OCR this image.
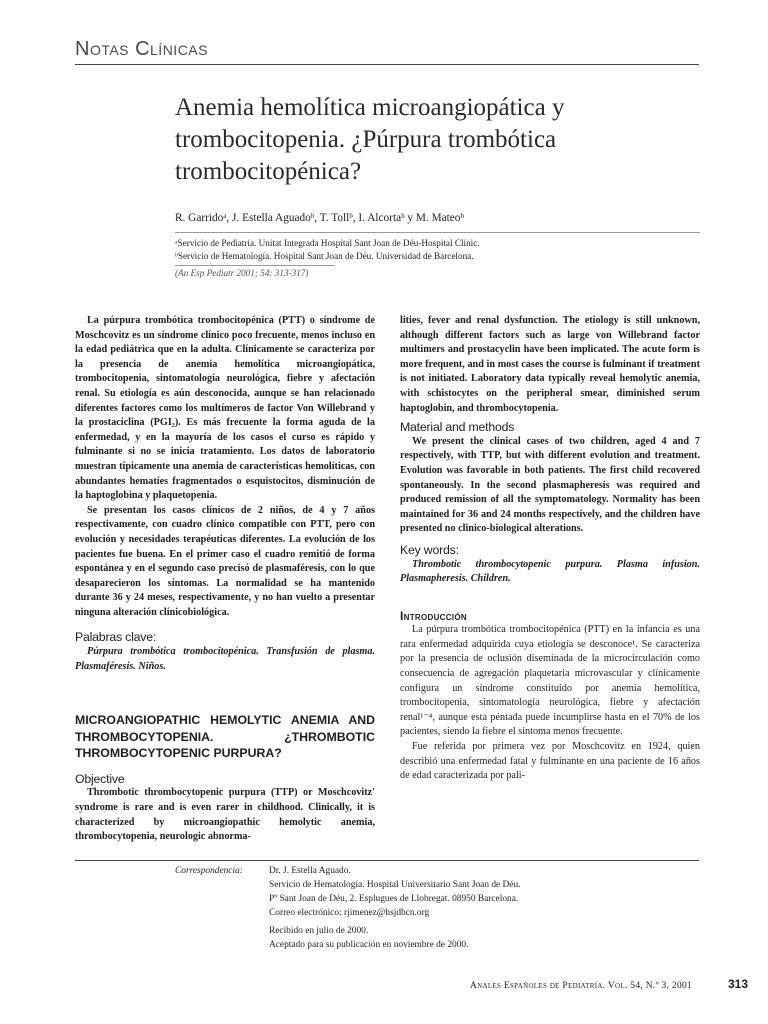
Notas Clínicas
Anemia hemolítica microangiopática y trombocitopenia. ¿Púrpura trombótica trombocitopénica?
R. Garridoᵃ, J. Estella Aguadoᵇ, T. Tollᵇ, I. Alcortaᵇ y M. Mateoᵇ
ᵃServicio de Pediatría. Unitat Integrada Hospital Sant Joan de Déu-Hospital Clínic.
ᵇServicio de Hematología. Hospital Sant Joan de Déu. Universidad de Barcelona.
(An Esp Pediatr 2001; 54: 313-317)

La púrpura trombótica trombocitopénica (PTT) o síndrome de Moschcovitz es un síndrome clínico poco frecuente, menos incluso en la edad pediátrica que en la adulta. Clínicamente se caracteriza por la presencia de anemia hemolítica microangiopática, trombocitopenia, sintomatología neurológica, fiebre y afectación renal. Su etiología es aún desconocida, aunque se han relacionado diferentes factores como los multímeros de factor Von Willebrand y la prostaciclina (PGI₂). Es más frecuente la forma aguda de la enfermedad, y en la mayoría de los casos el curso es rápido y fulminante si no se inicia tratamiento. Los datos de laboratorio muestran típicamente una anemia de características hemolíticas, con abundantes hematíes fragmentados o esquistocitos, disminución de la haptoglobina y plaquetopenia.

Se presentan los casos clínicos de 2 niños, de 4 y 7 años respectivamente, con cuadro clínico compatible con PTT, pero con evolución y necesidades terapéuticas diferentes. La evolución de los pacientes fue buena. En el primer caso el cuadro remitió de forma espontánea y en el segundo caso precisó de plasmaféresis, con lo que desaparecieron los síntomas. La normalidad se ha mantenido durante 36 y 24 meses, respectivamente, y no han vuelto a presentar ninguna alteración clínicobiológica.

Palabras clave:

Púrpura trombótica trombocitopénica. Transfusión de plasma. Plasmaféresis. Niños.

MICROANGIOPATHIC HEMOLYTIC ANEMIA AND THROMBOCYTOPENIA. ¿THROMBOTIC THROMBOCYTOPENIC PURPURA?
Objective

Thrombotic thrombocytopenic purpura (TTP) or Moschcovitz' syndrome is rare and is even rarer in childhood. Clinically, it is characterized by microangiopathic hemolytic anemia, thrombocytopenia, neurologic abnorma-

lities, fever and renal dysfunction. The etiology is still unknown, although different factors such as large von Willebrand factor multimers and prostacyclin have been implicated. The acute form is more frequent, and in most cases the course is fulminant if treatment is not initiated. Laboratory data typically reveal hemolytic anemia, with schistocytes on the peripheral smear, diminished serum haptoglobin, and thrombocytopenia.

Material and methods

We present the clinical cases of two children, aged 4 and 7 respectively, with TTP, but with different evolution and treatment. Evolution was favorable in both patients. The first child recovered spontaneously. In the second plasmapheresis was required and produced remission of all the symptomatology. Normality has been maintained for 36 and 24 months respectively, and the children have presented no clinico-biological alterations.

Key words:

Thrombotic thrombocytopenic purpura. Plasma infusion. Plasmapheresis. Children.

Introducción

La púrpura trombótica trombocitopénica (PTT) en la infancia es una rara enfermedad adquirida cuya etiología se desconoce¹. Se caracteriza por la presencia de oclusión diseminada de la microcirculación como consecuencia de agregación plaquetaria microvascular y clínicamente configura un síndrome constituido por anemia hemolítica, trombocitopenia, sintomatología neurológica, fiebre y afectación renal¹⁻⁴, aunque esta péntada puede incumplirse hasta en el 70% de los pacientes, siendo la fiebre el síntoma menos frecuente.

Fue referida por primera vez por Moschcovitz en 1924, quien describió una enfermedad fatal y fulminante en una paciente de 16 años de edad caracterizada por pali-

Correspondencia:	Dr. J. Estella Aguado.
Servicio de Hematología. Hospital Universitario Sant Joan de Déu.
Pº Sant Joan de Déu, 2. Esplugues de Llobregat. 08950 Barcelona.
Correo electrónico: rjimenez@hsjdbcn.org
Recibido en julio de 2000.
Aceptado para su publicación en noviembre de 2000.
Anales Españoles de Pediatría. Vol. 54, N.º 3, 2001	313
